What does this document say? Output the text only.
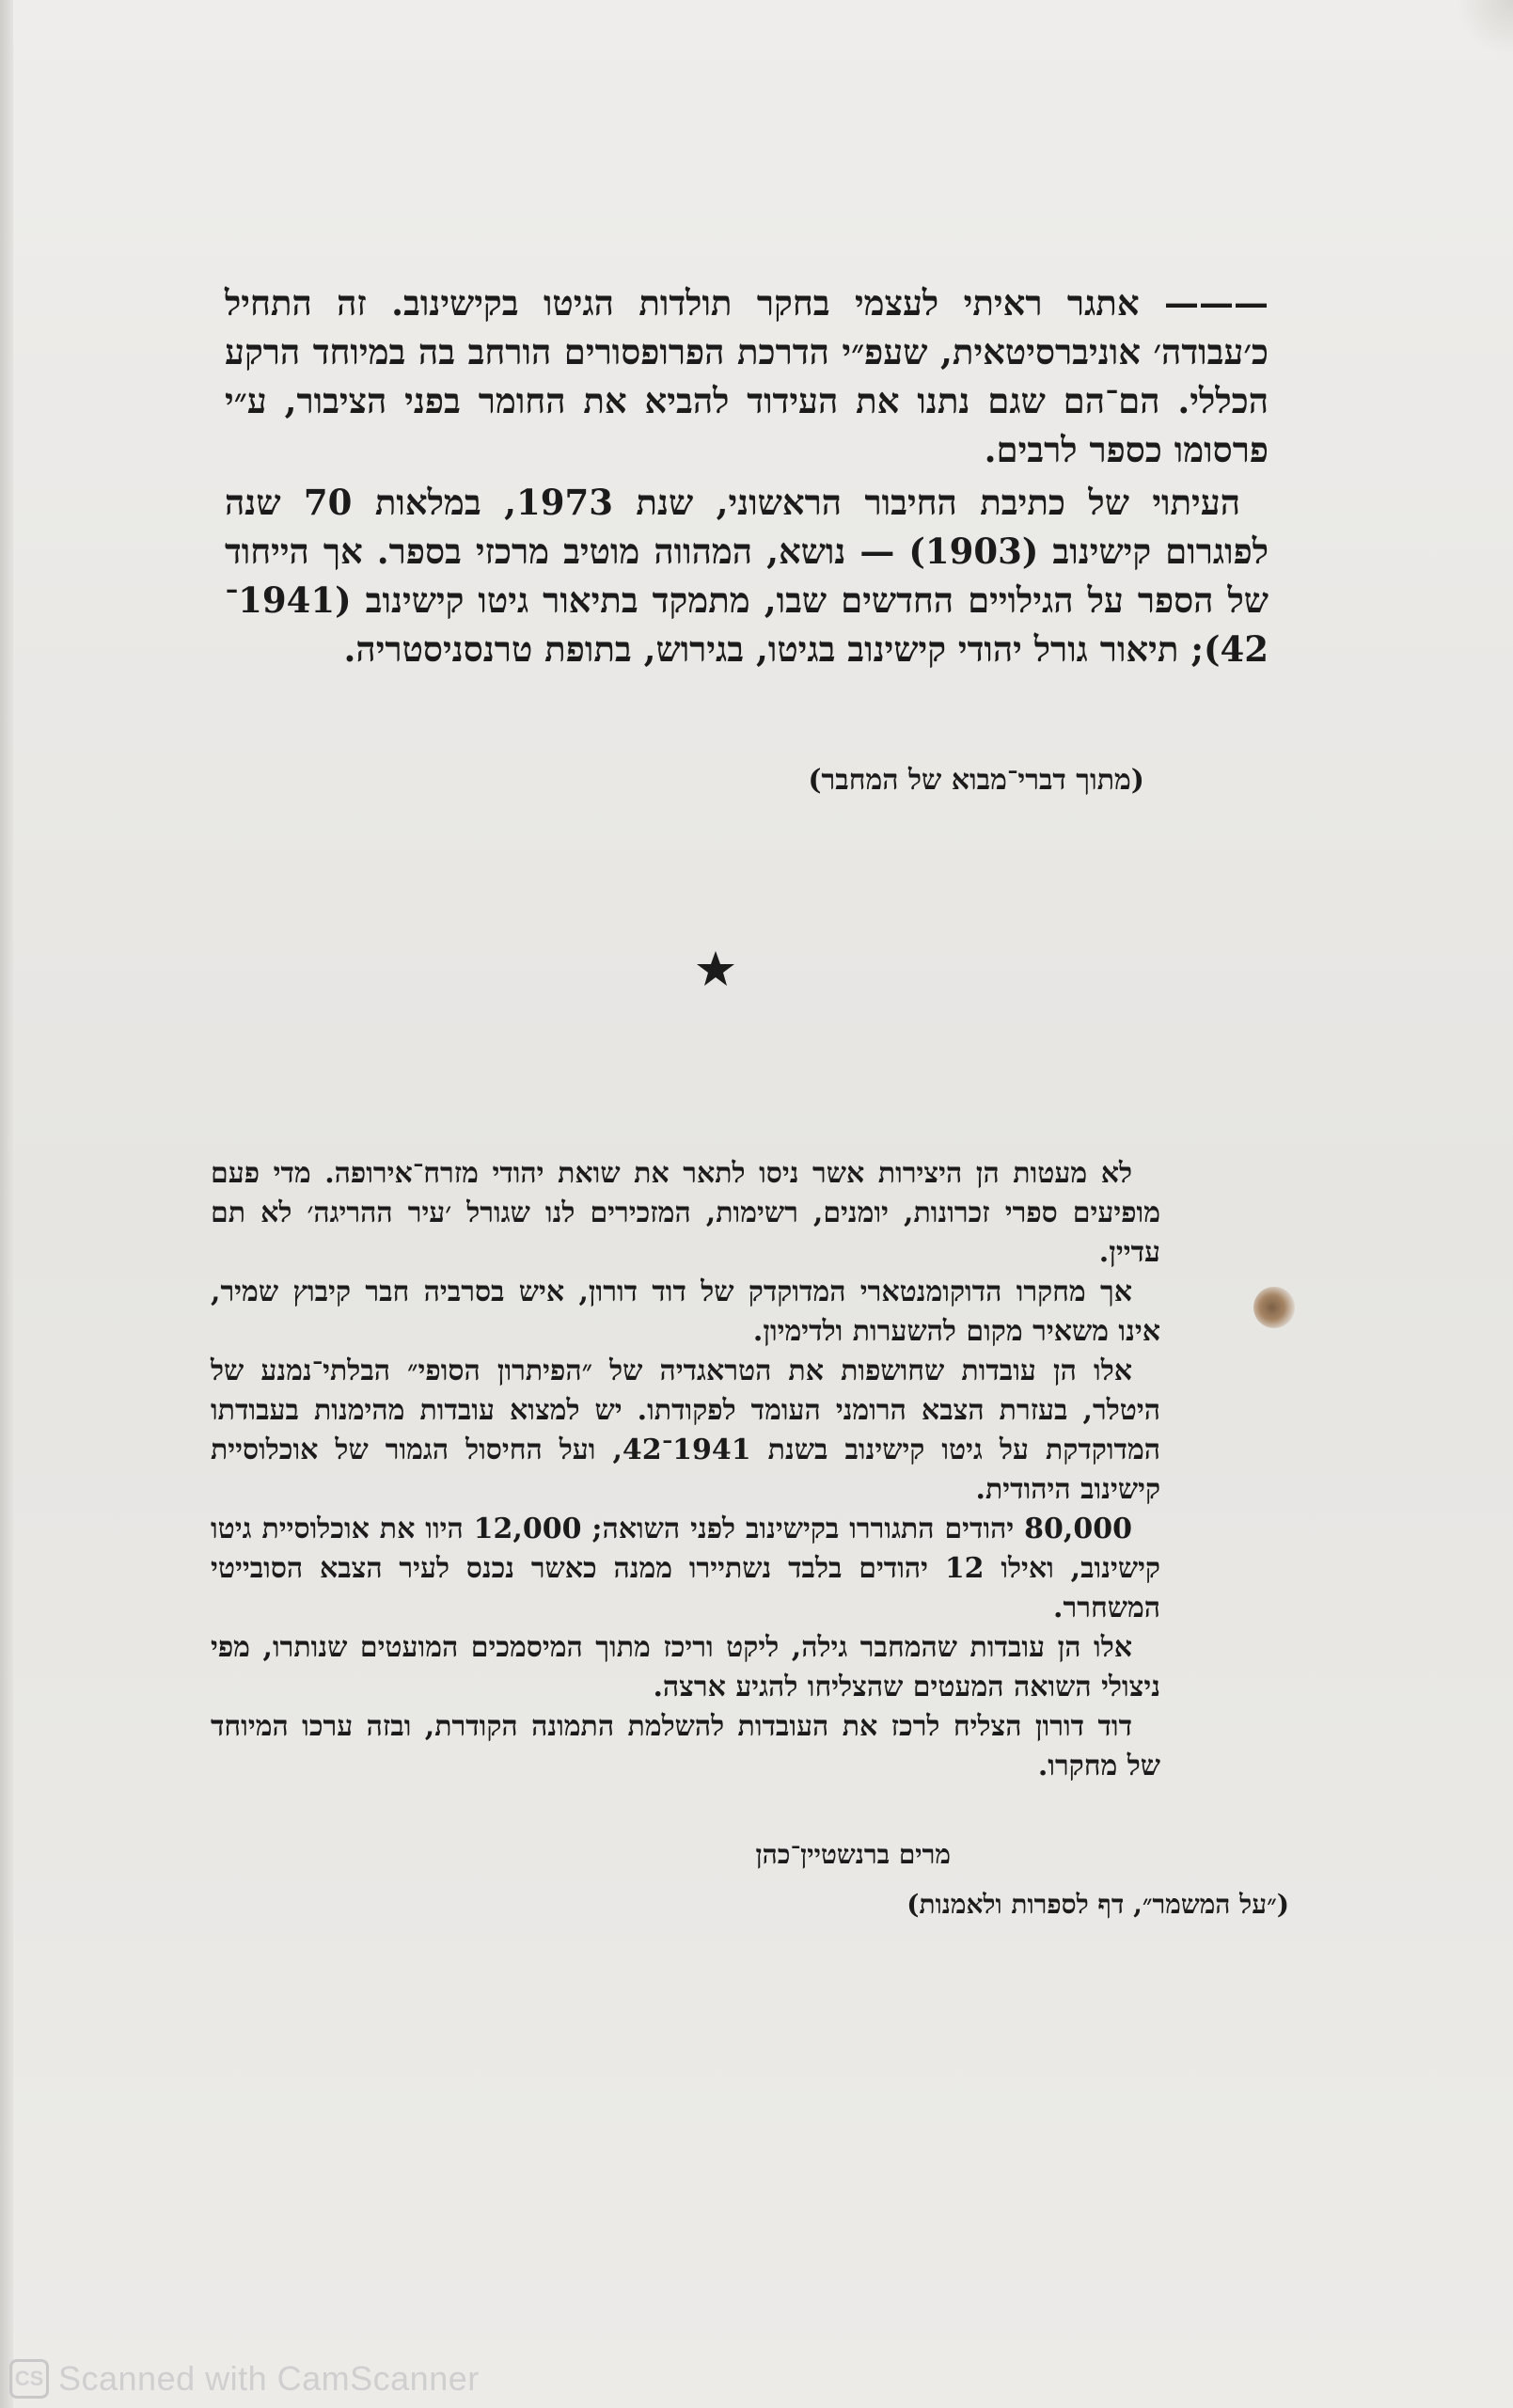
——— אתגר ראיתי לעצמי בחקר תולדות הגיטו בקישינוב. זה התחיל כ׳עבודה׳ אוניברסיטאית, שעפ״י הדרכת הפרופסורים הורחב בה במיוחד הרקע הכללי. הם־הם שגם נתנו את העידוד להביא את החומר בפני הציבור, ע״י פרסומו כספר לרבים.

העיתוי של כתיבת החיבור הראשוני, שנת 1973, במלאות 70 שנה לפוגרום קישינוב (1903) — נושא, המהווה מוטיב מרכזי בספר. אך הייחוד של הספר על הגילויים החדשים שבו, מתמקד בתיאור גיטו קישינוב (1941־42); תיאור גורל יהודי קישינוב בגיטו, בגירוש, בתופת טרנסניסטריה.

(מתוך דברי־מבוא של המחבר)

לא מעטות הן היצירות אשר ניסו לתאר את שואת יהודי מזרח־אירופה. מדי פעם מופיעים ספרי זכרונות, יומנים, רשימות, המזכירים לנו שגורל ׳עיר ההריגה׳ לא תם עדיין.

אך מחקרו הדוקומנטארי המדוקדק של דוד דורון, איש בסרביה חבר קיבוץ שמיר, אינו משאיר מקום להשערות ולדימיון.

אלו הן עובדות שחושפות את הטראגדיה של ״הפיתרון הסופי״ הבלתי־נמנע של היטלר, בעזרת הצבא הרומני העומד לפקודתו. יש למצוא עובדות מהימנות בעבודתו המדוקדקת על גיטו קישינוב בשנת 1941־42, ועל החיסול הגמור של אוכלוסיית קישינוב היהודית.

80,000 יהודים התגוררו בקישינוב לפני השואה; 12,000 היוו את אוכלוסיית גיטו קישינוב, ואילו 12 יהודים בלבד נשתיירו ממנה כאשר נכנס לעיר הצבא הסובייטי המשחרר.

אלו הן עובדות שהמחבר גילה, ליקט וריכז מתוך המיסמכים המועטים שנותרו, מפי ניצולי השואה המעטים שהצליחו להגיע ארצה.

דוד דורון הצליח לרכז את העובדות להשלמת התמונה הקודרת, ובזה ערכו המיוחד של מחקרו.

מרים ברנשטיין־כהן

(״על המשמר״, דף לספרות ולאמנות)

CS Scanned with CamScanner
